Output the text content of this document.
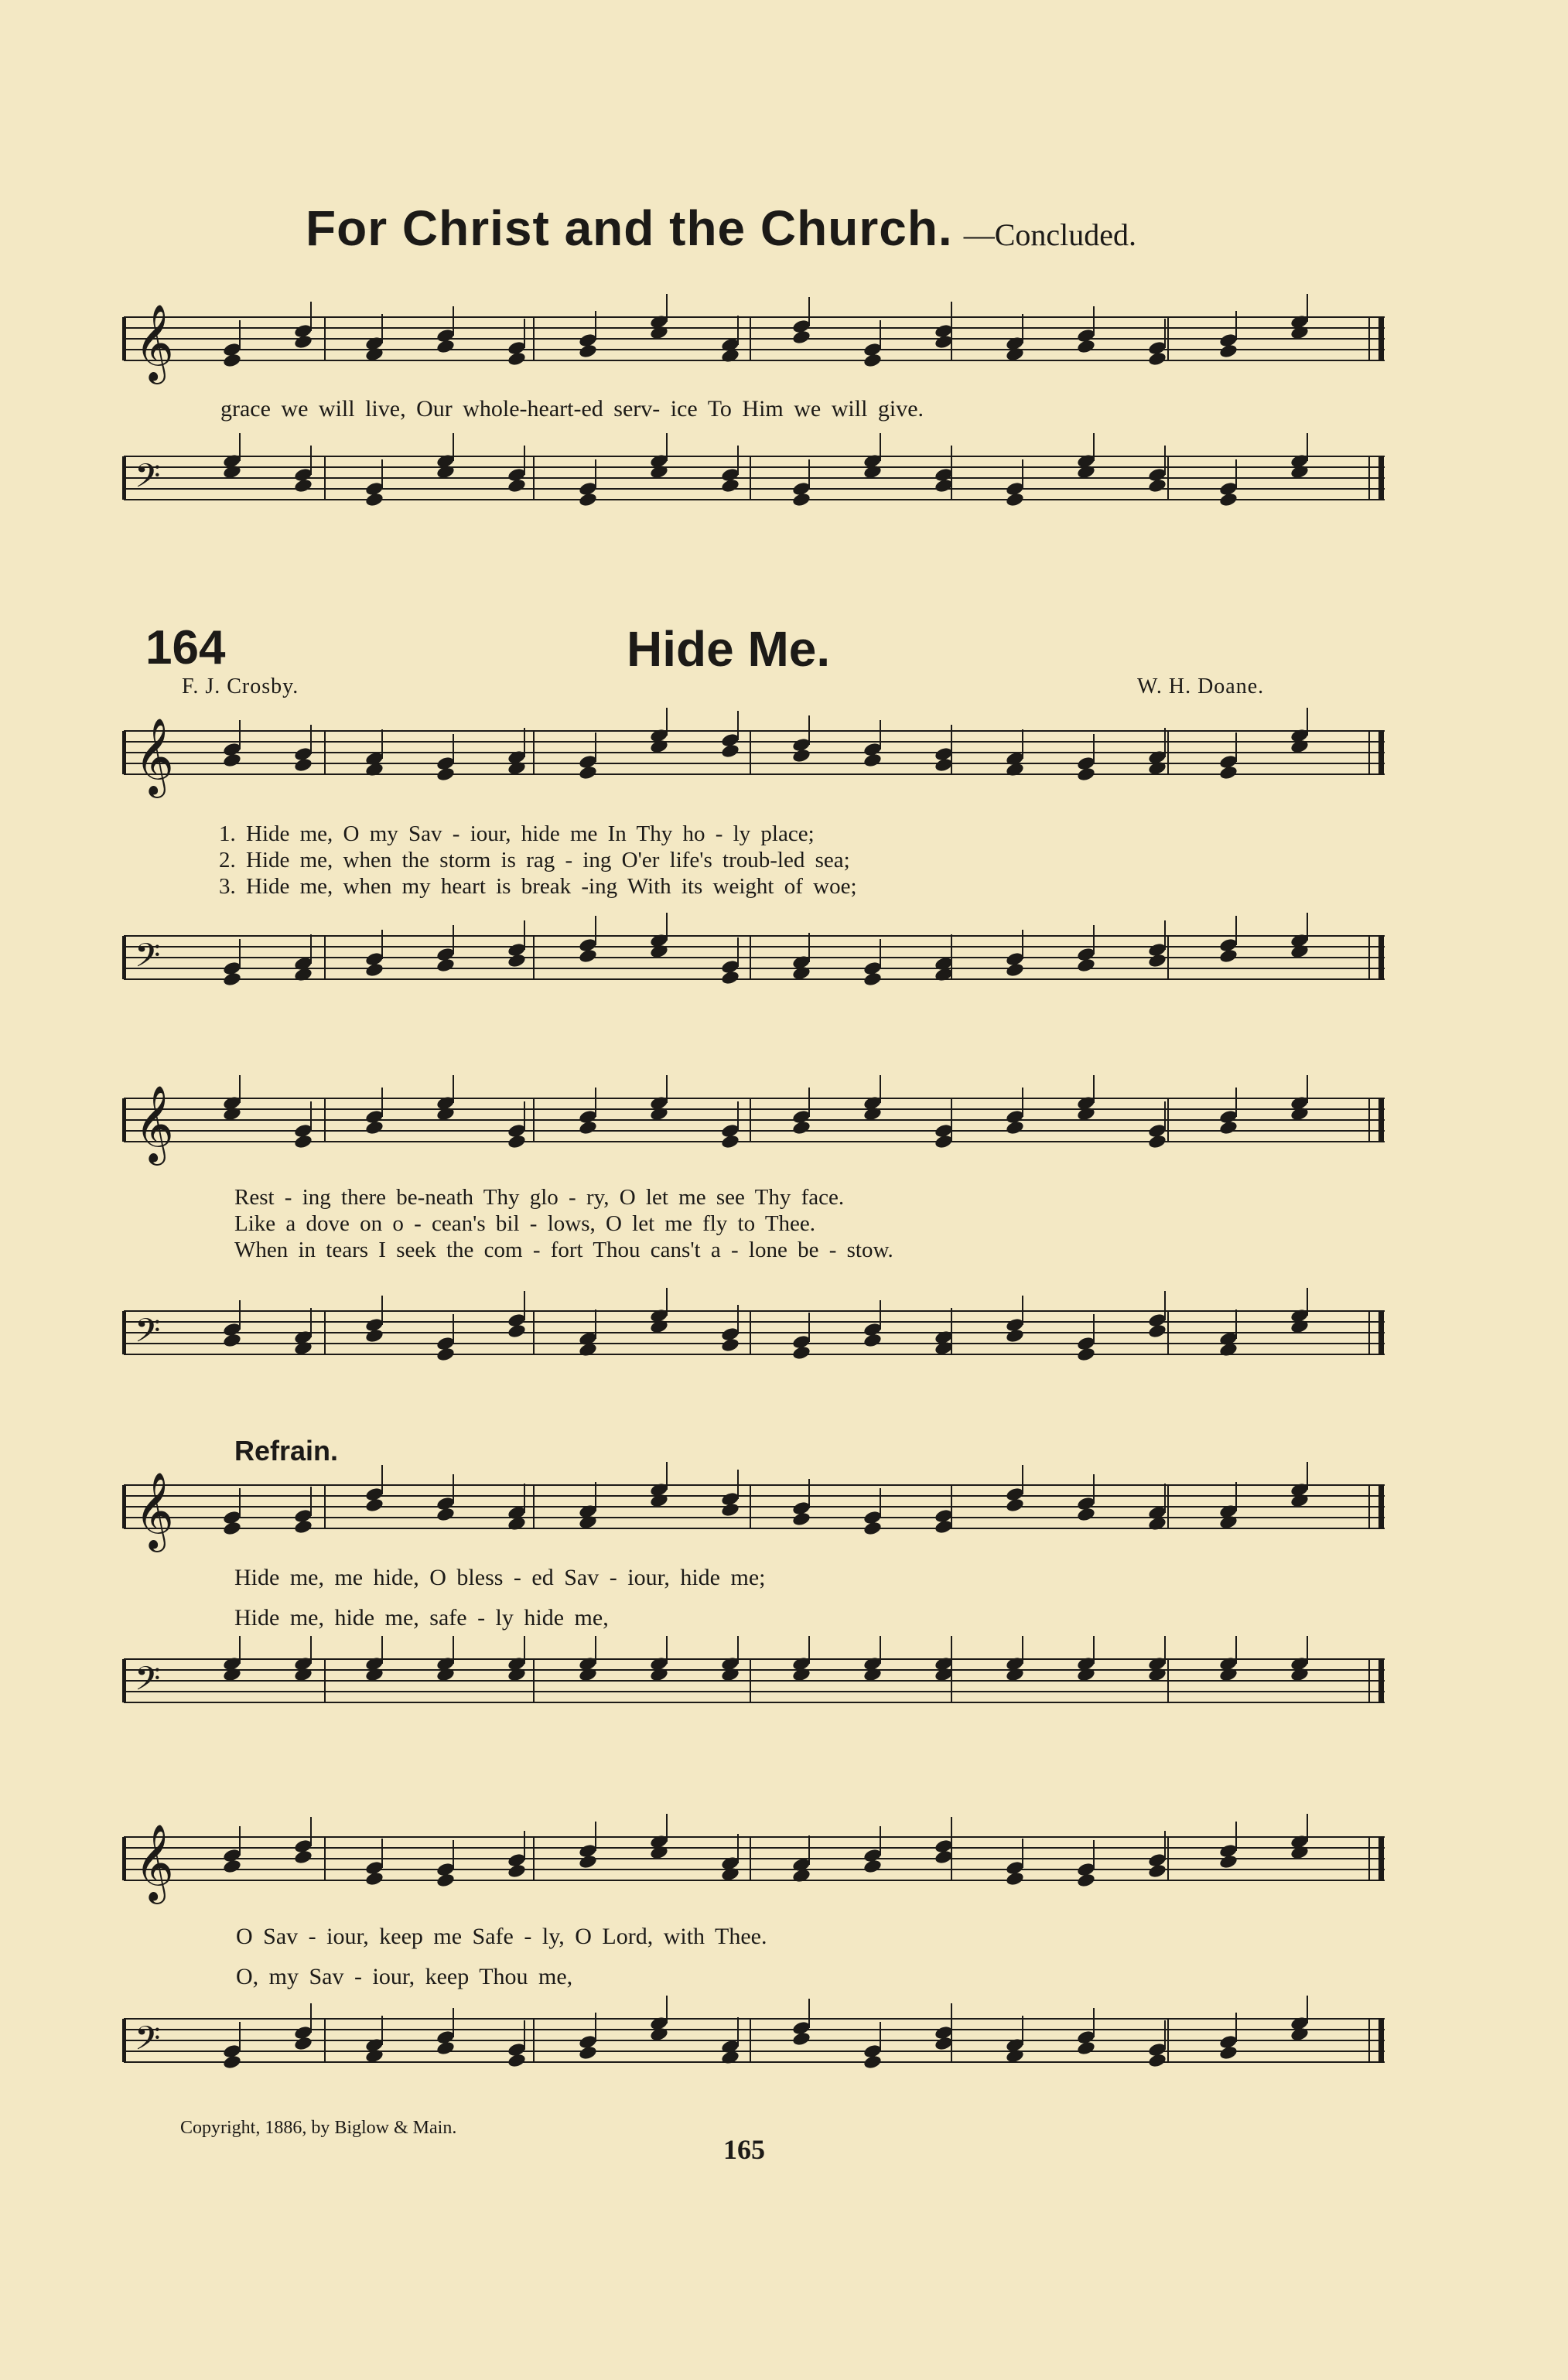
For Christ and the Church. —Concluded.
𝄞
grace we will live, Our whole-heart-ed serv- ice To Him we will give.
𝄢
164	Hide Me.
F. J. Crosby.	W. H. Doane.
𝄞
1. Hide me, O my Sav - iour, hide me In Thy ho - ly place;
2. Hide me, when the storm is rag - ing O'er life's troub-led sea;
3. Hide me, when my heart is break -ing With its weight of woe;
𝄢
𝄞
Rest - ing there be-neath Thy glo - ry, O let me see Thy face.
Like a dove on o - cean's bil - lows, O let me fly to Thee.
When in tears I seek the com - fort Thou cans't a - lone be - stow.
𝄢
Refrain.
𝄞
Hide me, me hide, O bless - ed Sav - iour, hide me;
Hide me, hide me, safe - ly hide me,
𝄢
𝄞
O Sav - iour, keep me Safe - ly, O Lord, with Thee.
O, my Sav - iour, keep Thou me,
𝄢
Copyright, 1886, by Biglow & Main.
165
